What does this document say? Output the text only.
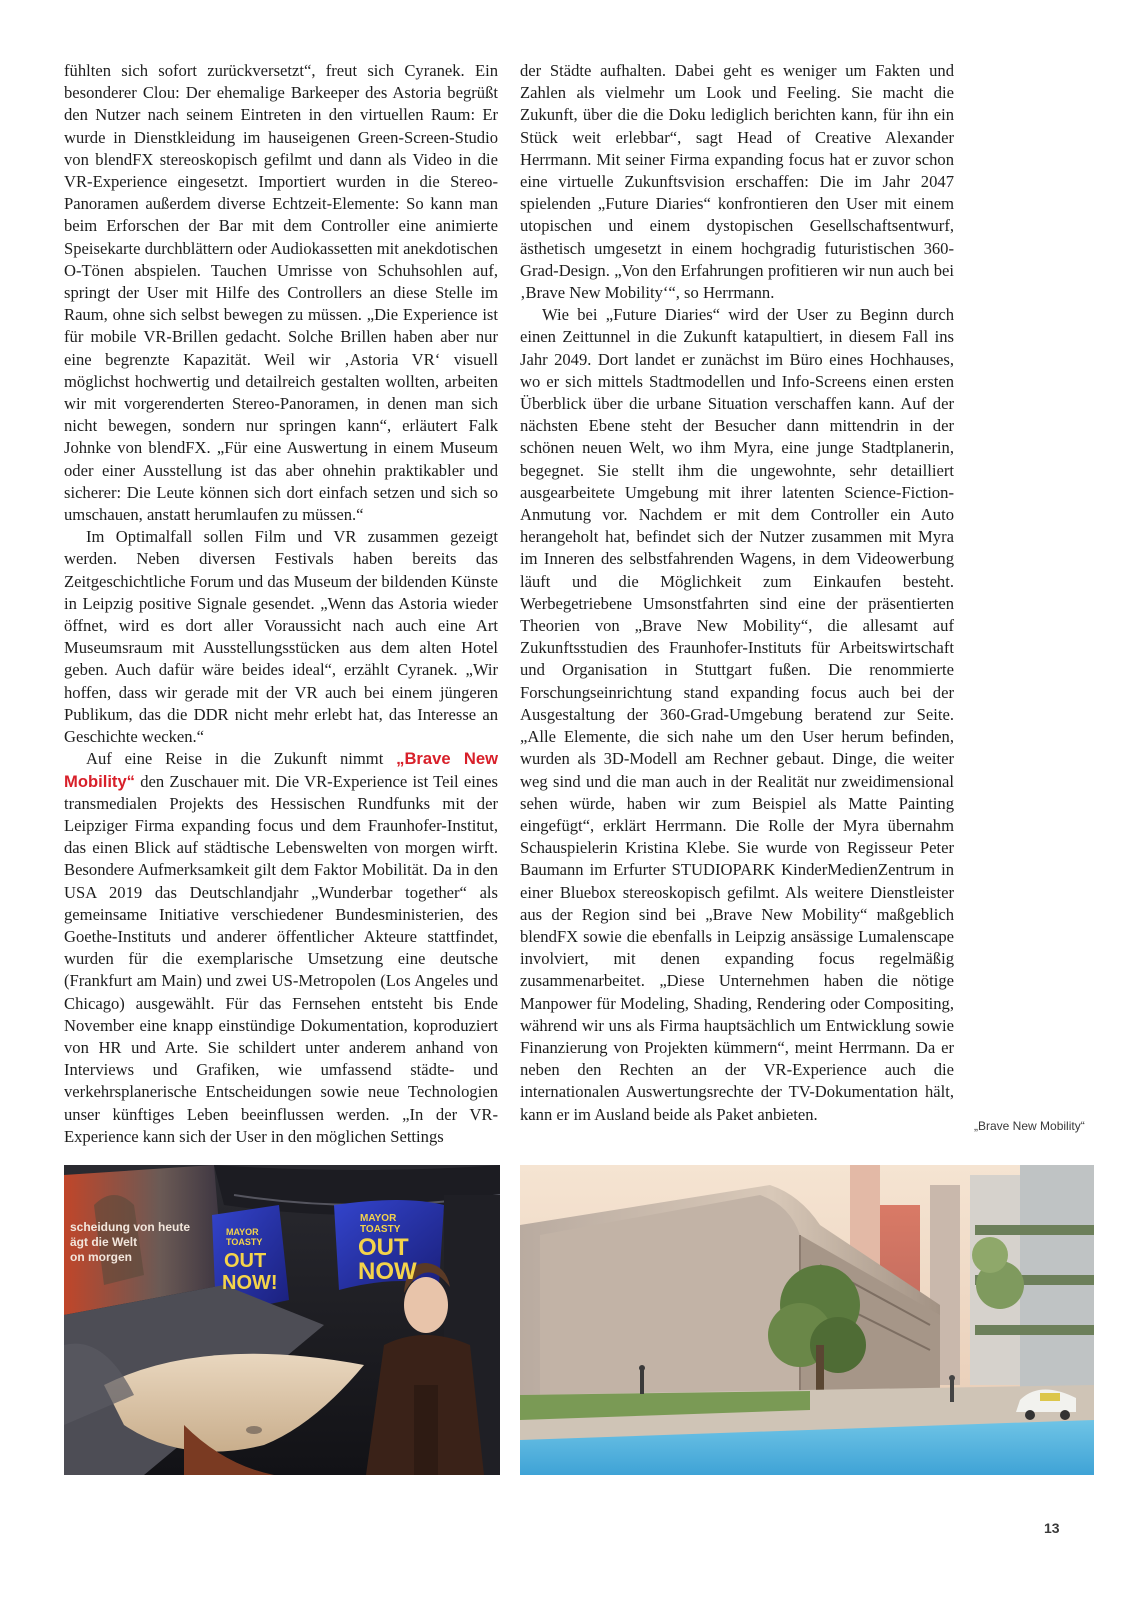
fühlten sich sofort zurückversetzt“, freut sich Cyranek. Ein besonderer Clou: Der ehemalige Barkeeper des Astoria begrüßt den Nutzer nach seinem Eintreten in den virtuellen Raum: Er wurde in Dienstkleidung im hauseigenen Green-Screen-Studio von blendFX stereoskopisch gefilmt und dann als Video in die VR-Experience eingesetzt. Importiert wurden in die Stereo-Panoramen außerdem diverse Echtzeit-Elemente: So kann man beim Erforschen der Bar mit dem Controller eine animierte Speisekarte durchblättern oder Audiokassetten mit anekdotischen O-Tönen abspielen. Tauchen Umrisse von Schuhsohlen auf, springt der User mit Hilfe des Controllers an diese Stelle im Raum, ohne sich selbst bewegen zu müssen. „Die Experience ist für mobile VR-Brillen gedacht. Solche Brillen haben aber nur eine begrenzte Kapazität. Weil wir ‚Astoria VR‘ visuell möglichst hochwertig und detailreich gestalten wollten, arbeiten wir mit vorgerenderten Stereo-Panoramen, in denen man sich nicht bewegen, sondern nur springen kann“, erläutert Falk Johnke von blendFX. „Für eine Auswertung in einem Museum oder einer Ausstellung ist das aber ohnehin praktikabler und sicherer: Die Leute können sich dort einfach setzen und sich so umschauen, anstatt herumlaufen zu müssen.“

Im Optimalfall sollen Film und VR zusammen gezeigt werden. Neben diversen Festivals haben bereits das Zeitgeschichtliche Forum und das Museum der bildenden Künste in Leipzig positive Signale gesendet. „Wenn das Astoria wieder öffnet, wird es dort aller Voraussicht nach auch eine Art Museumsraum mit Ausstellungsstücken aus dem alten Hotel geben. Auch dafür wäre beides ideal“, erzählt Cyranek. „Wir hoffen, dass wir gerade mit der VR auch bei einem jüngeren Publikum, das die DDR nicht mehr erlebt hat, das Interesse an Geschichte wecken.“

Auf eine Reise in die Zukunft nimmt „Brave New Mobility“ den Zuschauer mit. Die VR-Experience ist Teil eines transmedialen Projekts des Hessischen Rundfunks mit der Leipziger Firma expanding focus und dem Fraunhofer-Institut, das einen Blick auf städtische Lebenswelten von morgen wirft. Besondere Aufmerksamkeit gilt dem Faktor Mobilität. Da in den USA 2019 das Deutschlandjahr „Wunderbar together“ als gemeinsame Initiative verschiedener Bundesministerien, des Goethe-Instituts und anderer öffentlicher Akteure stattfindet, wurden für die exemplarische Umsetzung eine deutsche (Frankfurt am Main) und zwei US-Metropolen (Los Angeles und Chicago) ausgewählt. Für das Fernsehen entsteht bis Ende November eine knapp einstündige Dokumentation, koproduziert von HR und Arte. Sie schildert unter anderem anhand von Interviews und Grafiken, wie umfassend städte- und verkehrsplanerische Entscheidungen sowie neue Technologien unser künftiges Leben beeinflussen werden. „In der VR-Experience kann sich der User in den möglichen Settings

der Städte aufhalten. Dabei geht es weniger um Fakten und Zahlen als vielmehr um Look und Feeling. Sie macht die Zukunft, über die die Doku lediglich berichten kann, für ihn ein Stück weit erlebbar“, sagt Head of Creative Alexander Herrmann. Mit seiner Firma expanding focus hat er zuvor schon eine virtuelle Zukunftsvision erschaffen: Die im Jahr 2047 spielenden „Future Diaries“ konfrontieren den User mit einem utopischen und einem dystopischen Gesellschaftsentwurf, ästhetisch umgesetzt in einem hochgradig futuristischen 360-Grad-Design. „Von den Erfahrungen profitieren wir nun auch bei ‚Brave New Mobility‘“, so Herrmann.

Wie bei „Future Diaries“ wird der User zu Beginn durch einen Zeittunnel in die Zukunft katapultiert, in diesem Fall ins Jahr 2049. Dort landet er zunächst im Büro eines Hochhauses, wo er sich mittels Stadtmodellen und Info-Screens einen ersten Überblick über die urbane Situation verschaffen kann. Auf der nächsten Ebene steht der Besucher dann mittendrin in der schönen neuen Welt, wo ihm Myra, eine junge Stadtplanerin, begegnet. Sie stellt ihm die ungewohnte, sehr detailliert ausgearbeitete Umgebung mit ihrer latenten Science-Fiction-Anmutung vor. Nachdem er mit dem Controller ein Auto herangeholt hat, befindet sich der Nutzer zusammen mit Myra im Inneren des selbstfahrenden Wagens, in dem Videowerbung läuft und die Möglichkeit zum Einkaufen besteht. Werbegetriebene Umsonstfahrten sind eine der präsentierten Theorien von „Brave New Mobility“, die allesamt auf Zukunftsstudien des Fraunhofer-Instituts für Arbeitswirtschaft und Organisation in Stuttgart fußen. Die renommierte Forschungseinrichtung stand expanding focus auch bei der Ausgestaltung der 360-Grad-Umgebung beratend zur Seite. „Alle Elemente, die sich nahe um den User herum befinden, wurden als 3D-Modell am Rechner gebaut. Dinge, die weiter weg sind und die man auch in der Realität nur zweidimensional sehen würde, haben wir zum Beispiel als Matte Painting eingefügt“, erklärt Herrmann. Die Rolle der Myra übernahm Schauspielerin Kristina Klebe. Sie wurde von Regisseur Peter Baumann im Erfurter STUDIOPARK KinderMedienZentrum in einer Bluebox stereoskopisch gefilmt. Als weitere Dienstleister aus der Region sind bei „Brave New Mobility“ maßgeblich blendFX sowie die ebenfalls in Leipzig ansässige Lumalenscape involviert, mit denen expanding focus regelmäßig zusammenarbeitet. „Diese Unternehmen haben die nötige Manpower für Modeling, Shading, Rendering oder Compositing, während wir uns als Firma hauptsächlich um Entwicklung sowie Finanzierung von Projekten kümmern“, meint Herrmann. Da er neben den Rechten an der VR-Experience auch die internationalen Auswertungsrechte der TV-Dokumentation hält, kann er im Ausland beide als Paket anbieten.

„Brave New Mobility“
scheidung von heute
ägt die Welt
on morgen
MAYOR
TOASTY
OUT
NOW!
MAYOR
TOASTY
OUT
NOW
13
